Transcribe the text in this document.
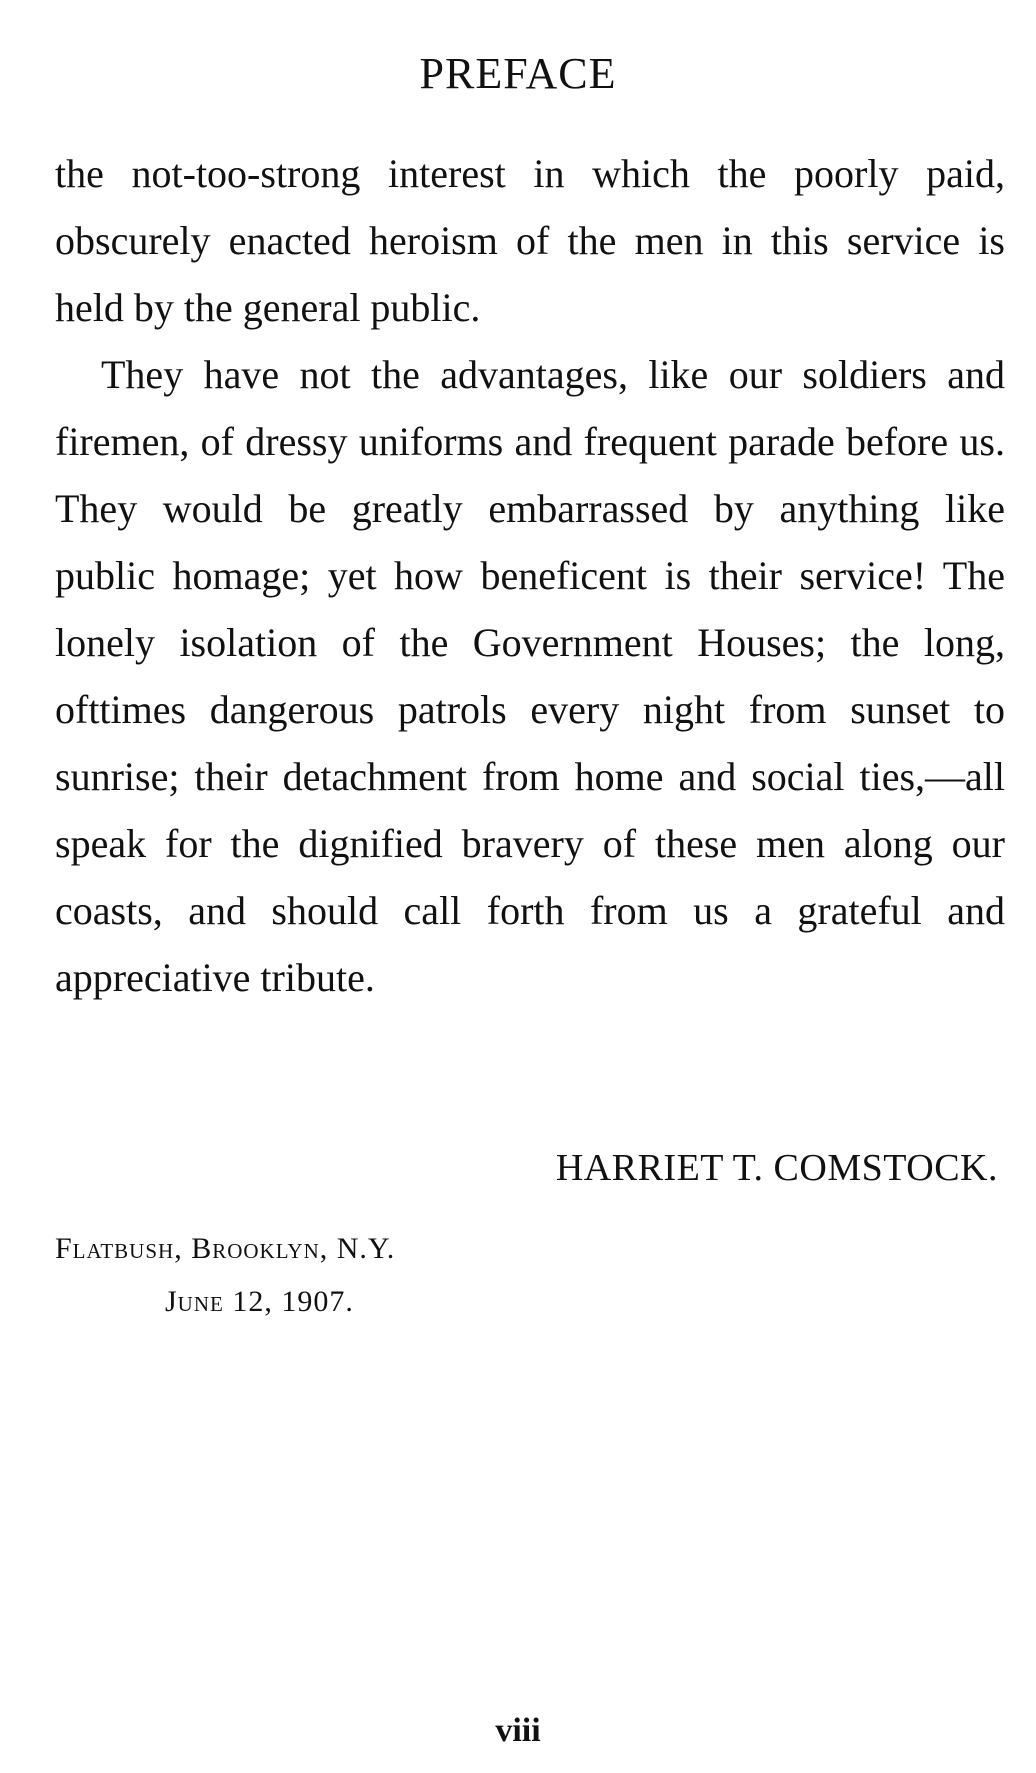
PREFACE

the not-too-strong interest in which the poorly paid, obscurely enacted heroism of the men in this service is held by the general public.

They have not the advantages, like our soldiers and firemen, of dressy uniforms and frequent parade before us. They would be greatly embarrassed by anything like public homage; yet how beneficent is their service! The lonely isolation of the Government Houses; the long, ofttimes dangerous patrols every night from sunset to sunrise; their detachment from home and social ties,—all speak for the dignified bravery of these men along our coasts, and should call forth from us a grateful and appreciative tribute.

HARRIET T. COMSTOCK.
Flatbush, Brooklyn, N.Y.
June 12, 1907.
viii
